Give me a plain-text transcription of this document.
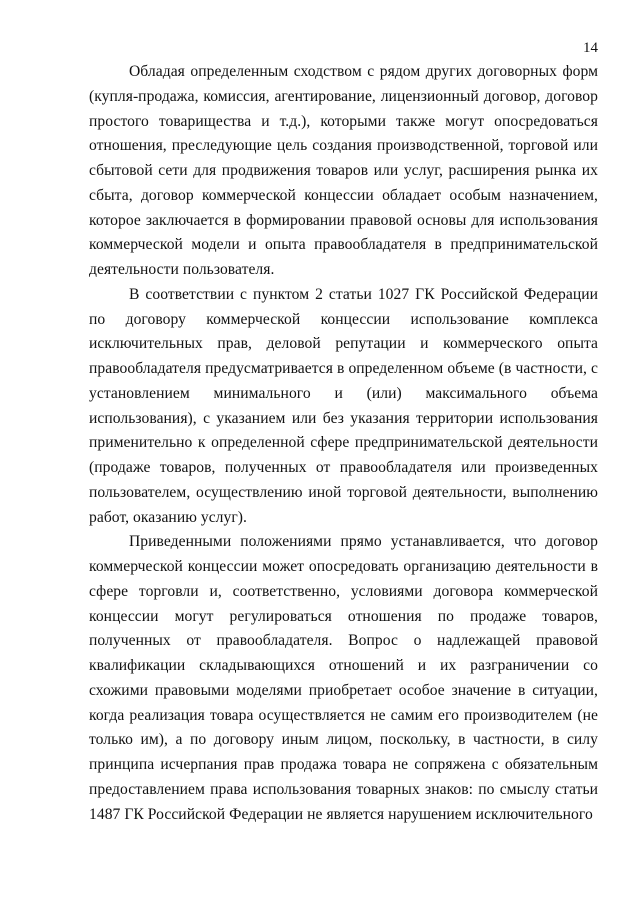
14

Обладая определенным сходством с рядом других договорных форм (купля-продажа, комиссия, агентирование, лицензионный договор, договор простого товарищества и т.д.), которыми также могут опосредоваться отношения, преследующие цель создания производственной, торговой или сбытовой сети для продвижения товаров или услуг, расширения рынка их сбыта, договор коммерческой концессии обладает особым назначением, которое заключается в формировании правовой основы для использования коммерческой модели и опыта правообладателя в предпринимательской деятельности пользователя.

В соответствии с пунктом 2 статьи 1027 ГК Российской Федерации по договору коммерческой концессии использование комплекса исключительных прав, деловой репутации и коммерческого опыта правообладателя предусматривается в определенном объеме (в частности, с установлением минимального и (или) максимального объема использования), с указанием или без указания территории использования применительно к определенной сфере предпринимательской деятельности (продаже товаров, полученных от правообладателя или произведенных пользователем, осуществлению иной торговой деятельности, выполнению работ, оказанию услуг).

Приведенными положениями прямо устанавливается, что договор коммерческой концессии может опосредовать организацию деятельности в сфере торговли и, соответственно, условиями договора коммерческой концессии могут регулироваться отношения по продаже товаров, полученных от правообладателя. Вопрос о надлежащей правовой квалификации складывающихся отношений и их разграничении со схожими правовыми моделями приобретает особое значение в ситуации, когда реализация товара осуществляется не самим его производителем (не только им), а по договору иным лицом, поскольку, в частности, в силу принципа исчерпания прав продажа товара не сопряжена с обязательным предоставлением права использования товарных знаков: по смыслу статьи 1487 ГК Российской Федерации не является нарушением исключительного
